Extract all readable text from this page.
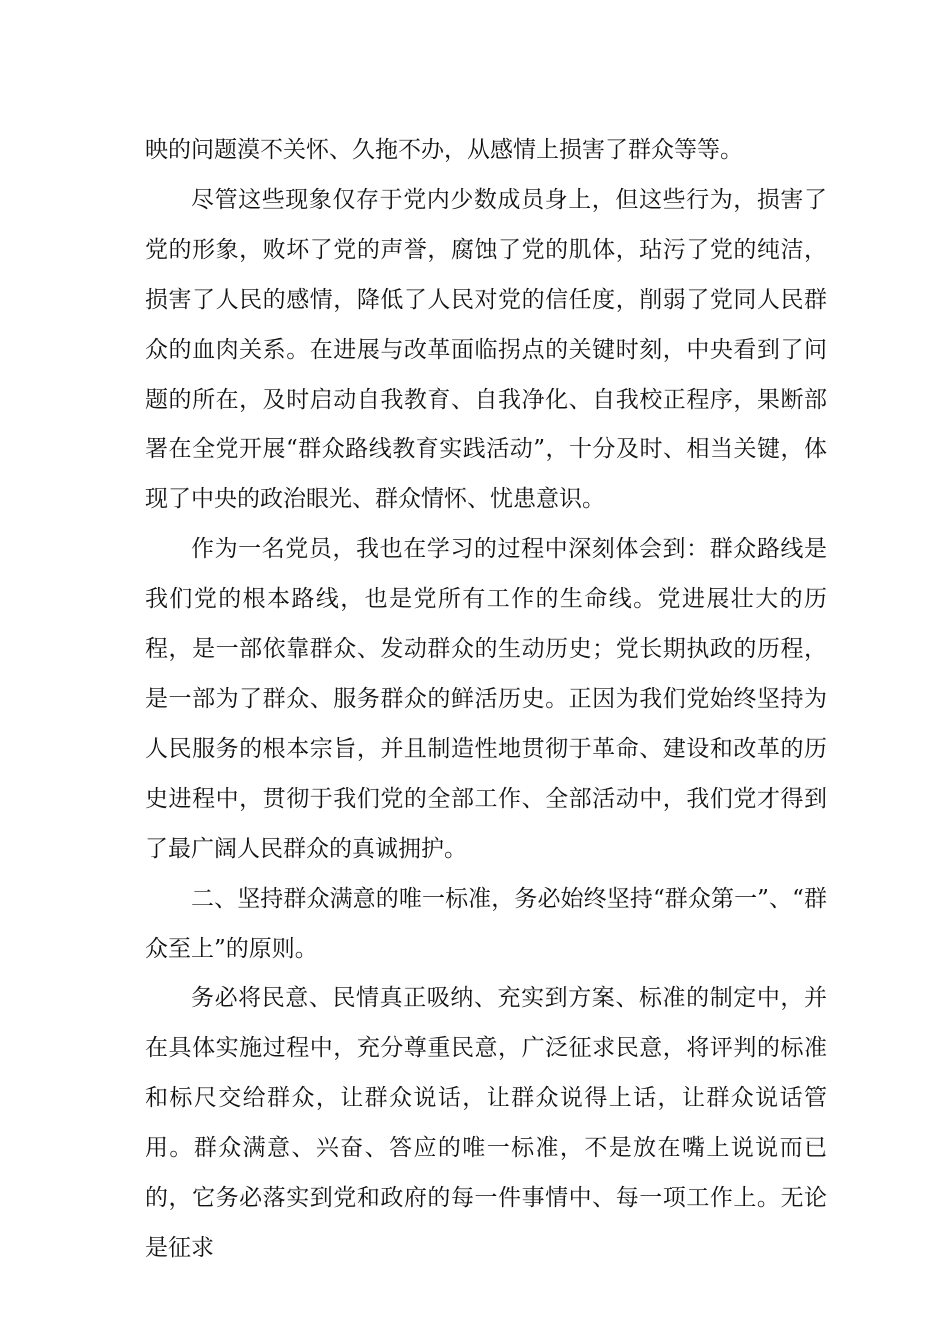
映的问题漠不关怀、久拖不办，从感情上损害了群众等等。

尽管这些现象仅存于党内少数成员身上，但这些行为，损害了党的形象，败坏了党的声誉，腐蚀了党的肌体，玷污了党的纯洁，损害了人民的感情，降低了人民对党的信任度，削弱了党同人民群众的血肉关系。在进展与改革面临拐点的关键时刻，中央看到了问题的所在，及时启动自我教育、自我净化、自我校正程序，果断部署在全党开展“群众路线教育实践活动”，十分及时、相当关键，体现了中央的政治眼光、群众情怀、忧患意识。

作为一名党员，我也在学习的过程中深刻体会到：群众路线是我们党的根本路线，也是党所有工作的生命线。党进展壮大的历程，是一部依靠群众、发动群众的生动历史；党长期执政的历程，是一部为了群众、服务群众的鲜活历史。正因为我们党始终坚持为人民服务的根本宗旨，并且制造性地贯彻于革命、建设和改革的历史进程中，贯彻于我们党的全部工作、全部活动中，我们党才得到了最广阔人民群众的真诚拥护。

二、坚持群众满意的唯一标准，务必始终坚持“群众第一”、“群众至上”的原则。

务必将民意、民情真正吸纳、充实到方案、标准的制定中，并在具体实施过程中，充分尊重民意，广泛征求民意，将评判的标准和标尺交给群众，让群众说话，让群众说得上话，让群众说话管用。群众满意、兴奋、答应的唯一标准，不是放在嘴上说说而已的，它务必落实到党和政府的每一件事情中、每一项工作上。无论是征求
